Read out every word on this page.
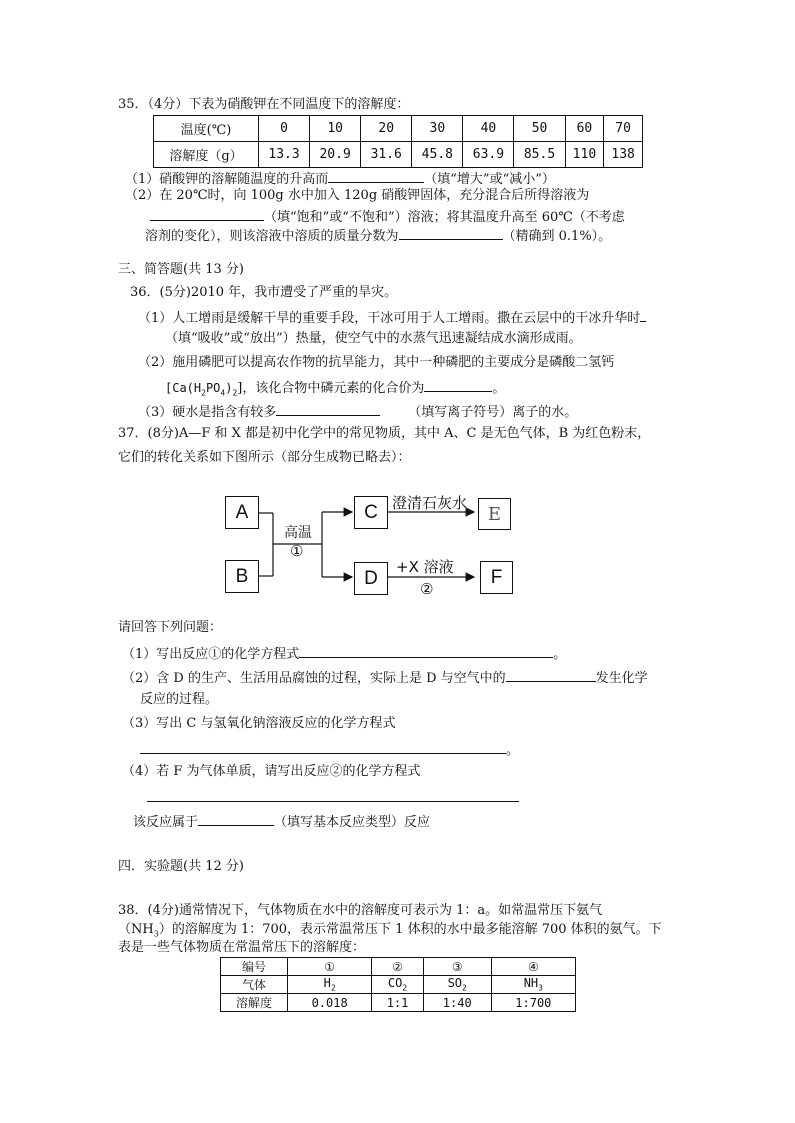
35．（4分）下表为硝酸钾在不同温度下的溶解度：
温度(℃)	0	10	20	30	40	50	60	70
溶解度（g）	13.3	20.9	31.6	45.8	63.9	85.5	110	138
（1）硝酸钾的溶解随温度的升高而	（填“增大”或“减小”）
（2）在 20℃时，向 100g 水中加入 120g 硝酸钾固体，充分混合后所得溶液为
（填“饱和”或“不饱和”）溶液；将其温度升高至 60℃（不考虑
溶剂的变化），则该溶液中溶质的质量分数为	（精确到 0.1%）。
三、简答题(共 13 分)
36．(5分)2010 年，我市遭受了严重的旱灾。
（1）人工增雨是缓解干旱的重要手段，干冰可用于人工增雨。撒在云层中的干冰升华时
（填“吸收”或“放出”）热量，使空气中的水蒸气迅速凝结成水滴形成雨。
（2）施用磷肥可以提高农作物的抗旱能力，其中一种磷肥的主要成分是磷酸二氢钙
$[Ca(H_2PO_4)_2]$，该化合物中磷元素的化合价为	。
（3）硬水是指含有较多	（填写离子符号）离子的水。
37．(8分)A—F 和 X 都是初中化学中的常见物质，其中 A、C 是无色气体，B 为红色粉末，
它们的转化关系如下图所示（部分生成物已略去）：
A
B
C
D
E
F
高温
①
澄清石灰水
+X 溶液
②
请回答下列问题：
（1）写出反应①的化学方程式	。
（2）含 D 的生产、生活用品腐蚀的过程，实际上是 D 与空气中的	发生化学
反应的过程。
（3）写出 C 与氢氧化钠溶液反应的化学方程式
。
（4）若 F 为气体单质，请写出反应②的化学方程式
该反应属于	（填写基本反应类型）反应
四．实验题(共 12 分)
38．(4分)通常情况下，气体物质在水中的溶解度可表示为 1：a。如常温常压下氨气
$(NH_3)$的溶解度为 1：700，表示常温常压下 1 体积的水中最多能溶解 700 体积的氨气。下
表是一些气体物质在常温常压下的溶解度：
编号	①	②	③	④
气体	$H_2$	$CO_2$	$SO_2$	$NH_3$
溶解度	0.018	1:1	1:40	1:700
